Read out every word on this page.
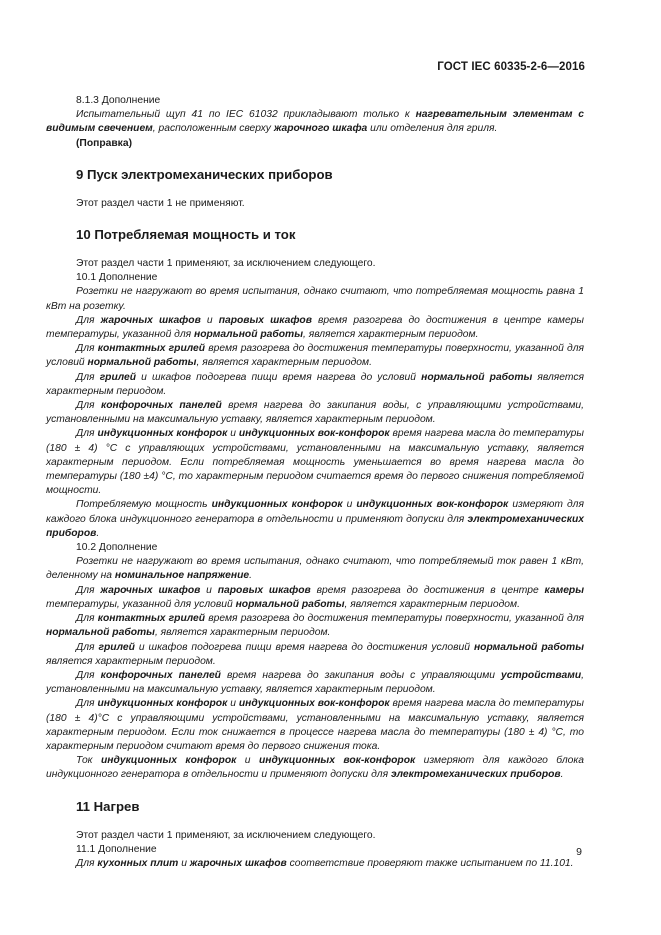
ГОСТ IEC 60335-2-6—2016

8.1.3 Дополнение

Испытательный щуп 41 по IEC 61032 прикладывают только к нагревательным элементам с видимым свечением, расположенным сверху жарочного шкафа или отделения для гриля.

(Поправка)

9 Пуск электромеханических приборов

Этот раздел части 1 не применяют.

10 Потребляемая мощность и ток

Этот раздел части 1 применяют, за исключением следующего.

10.1 Дополнение

Розетки не нагружают во время испытания, однако считают, что потребляемая мощность равна 1 кВт на розетку.

Для жарочных шкафов и паровых шкафов время разогрева до достижения в центре камеры температуры, указанной для нормальной работы, является характерным периодом.

Для контактных грилей время разогрева до достижения температуры поверхности, указанной для условий нормальной работы, является характерным периодом.

Для грилей и шкафов подогрева пищи время нагрева до условий нормальной работы является характерным периодом.

Для конфорочных панелей время нагрева до закипания воды, с управляющими устройствами, установленными на максимальную уставку, является характерным периодом.

Для индукционных конфорок и индукционных вок-конфорок время нагрева масла до температуры (180 ± 4) °С с управляющих устройствами, установленными на максимальную уставку, является характерным периодом. Если потребляемая мощность уменьшается во время нагрева масла до температуры (180 ±4) °С, то характерным периодом считается время до первого снижения потребляемой мощности.

Потребляемую мощность индукционных конфорок и индукционных вок-конфорок измеряют для каждого блока индукционного генератора в отдельности и применяют допуски для электромеханических приборов.

10.2 Дополнение

Розетки не нагружают во время испытания, однако считают, что потребляемый ток равен 1 кВт, деленному на номинальное напряжение.

Для жарочных шкафов и паровых шкафов время разогрева до достижения в центре камеры температуры, указанной для условий нормальной работы, является характерным периодом.

Для контактных грилей время разогрева до достижения температуры поверхности, указанной для нормальной работы, является характерным периодом.

Для грилей и шкафов подогрева пищи время нагрева до достижения условий нормальной работы является характерным периодом.

Для конфорочных панелей время нагрева до закипания воды с управляющими устройствами, установленными на максимальную уставку, является характерным периодом.

Для индукционных конфорок и индукционных вок-конфорок время нагрева масла до температуры (180 ± 4)°С с управляющими устройствами, установленными на максимальную уставку, является характерным периодом. Если ток снижается в процессе нагрева масла до температуры (180 ± 4) °С, то характерным периодом считают время до первого снижения тока.

Ток индукционных конфорок и индукционных вок-конфорок измеряют для каждого блока индукционного генератора в отдельности и применяют допуски для электромеханических приборов.

11 Нагрев

Этот раздел части 1 применяют, за исключением следующего.

11.1 Дополнение

Для кухонных плит и жарочных шкафов соответствие проверяют также испытанием по 11.101.

9
